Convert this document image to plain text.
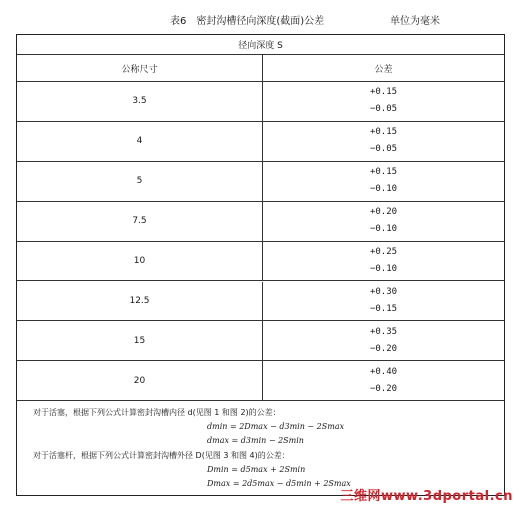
表6　密封沟槽径向深度(截面)公差	单位为毫米
径向深度 S
公称尺寸	公差
3.5
+0.15
−0.05
4
+0.15
−0.05
5
+0.15
−0.10
7.5
+0.20
−0.10
10
+0.25
−0.10
12.5
+0.30
−0.15
15
+0.35
−0.20
20
+0.40
−0.20
对于活塞，根据下列公式计算密封沟槽内径 d(见图 1 和图 2)的公差：
dmin = 2Dmax − d3min − 2Smax
dmax = d3min − 2Smin
对于活塞杆，根据下列公式计算密封沟槽外径 D(见图 3 和图 4)的公差：
Dmin = d5max + 2Smin
Dmax = 2d5max − d5min + 2Smax
三维网www.3dportal.cn
